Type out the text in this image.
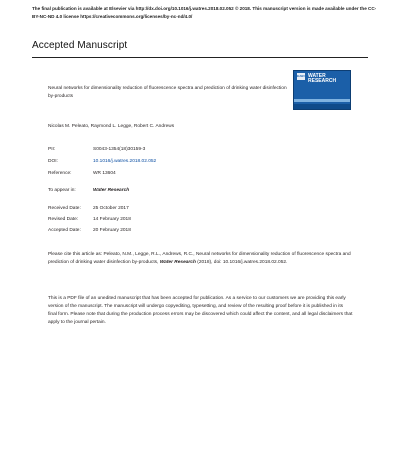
The final publication is available at Elsevier via http://dx.doi.org/10.1016/j.watres.2018.02.052 © 2018. This manuscript version is made available under the CC-BY-NC-ND 4.0 license https://creativecommons.org/licenses/by-nc-nd/4.0/
Accepted Manuscript
Neural networks for dimensionality reduction of fluorescence spectra and prediction of drinking water disinfection by-products
ELSEVIER WATER
RESEARCH
Nicolas M. Peleato, Raymond L. Legge, Robert C. Andrews
PII:	S0043-1354(18)30159-3
DOI:	10.1016/j.watres.2018.02.052
Reference:	WR 13604
To appear in:	Water Research
Received Date:	25 October 2017
Revised Date:	14 February 2018
Accepted Date:	20 February 2018
Please cite this article as: Peleato, N.M., Legge, R.L., Andrews, R.C., Neural networks for dimensionality reduction of fluorescence spectra and prediction of drinking water disinfection by-products, Water Research (2018), doi: 10.1016/j.watres.2018.02.052.
This is a PDF file of an unedited manuscript that has been accepted for publication. As a service to our customers we are providing this early version of the manuscript. The manuscript will undergo copyediting, typesetting, and review of the resulting proof before it is published in its final form. Please note that during the production process errors may be discovered which could affect the content, and all legal disclaimers that apply to the journal pertain.
